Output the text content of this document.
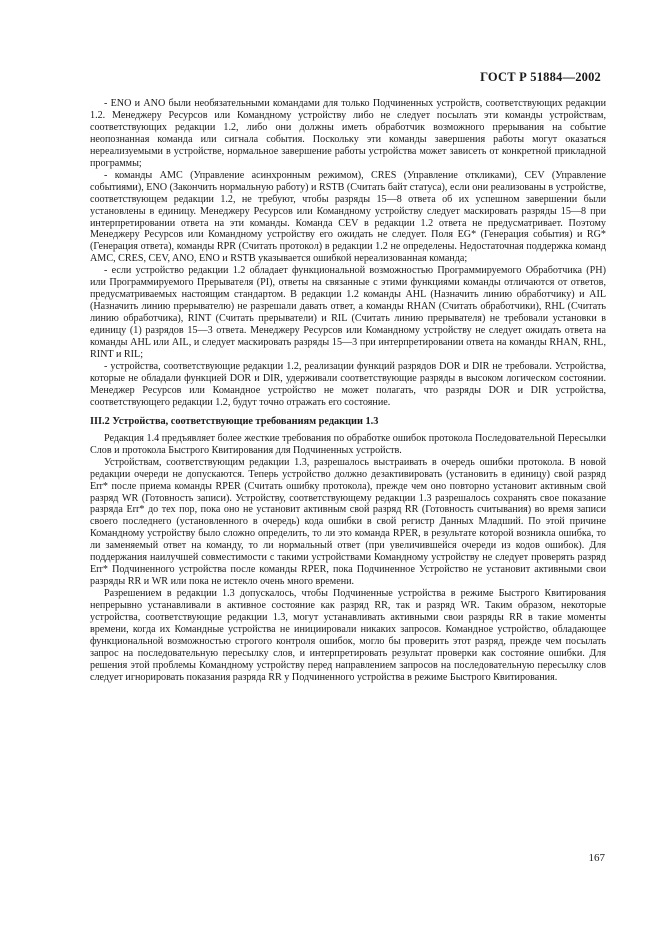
ГОСТ Р 51884—2002

- ENO и ANO были необязательными командами для только Подчиненных устройств, соответствующих редакции 1.2. Менеджеру Ресурсов или Командному устройству либо не следует посылать эти команды устройствам, соответствующих редакции 1.2, либо они должны иметь обработчик возможного прерывания на событие неопознанная команда или сигнала события. Поскольку эти команды завершения работы могут оказаться нереализуемыми в устройстве, нормальное завершение работы устройства может зависеть от конкретной прикладной программы;

- команды АМС (Управление асинхронным режимом), CRES (Управление откликами), CEV (Управление событиями), ENO (Закончить нормальную работу) и RSTB (Считать байт статуса), если они реализованы в устройстве, соответствующем редакции 1.2, не требуют, чтобы разряды 15—8 ответа об их успешном завершении были установлены в единицу. Менеджеру Ресурсов или Командному устройству следует маскировать разряды 15—8 при интерпретировании ответа на эти команды. Команда CEV в редакции 1.2 ответа не предусматривает. Поэтому Менеджеру Ресурсов или Командному устройству его ожидать не следует. Поля EG* (Генерация события) и RG* (Генерация ответа), команды RPR (Считать протокол) в редакции 1.2 не определены. Недостаточная поддержка команд АМС, CRES, CEV, ANO, ENO и RSTB указывается ошибкой нереализованная команда;

- если устройство редакции 1.2 обладает функциональной возможностью Программируемого Обработчика (PH) или Программируемого Прерывателя (PI), ответы на связанные с этими функциями команды отличаются от ответов, предусматриваемых настоящим стандартом. В редакции 1.2 команды AHL (Назначить линию обработчику) и AIL (Назначить линию прерывателю) не разрешали давать ответ, а команды RHAN (Считать обработчики), RHL (Считать линию обработчика), RINT (Считать прерыватели) и RIL (Считать линию прерывателя) не требовали установки в единицу (1) разрядов 15—3 ответа. Менеджеру Ресурсов или Командному устройству не следует ожидать ответа на команды AHL или AIL, и следует маскировать разряды 15—3 при интерпретировании ответа на команды RHAN, RHL, RINT и RIL;

- устройства, соответствующие редакции 1.2, реализации функций разрядов DOR и DIR не требовали. Устройства, которые не обладали функцией DOR и DIR, удерживали соответствующие разряды в высоком логическом состоянии. Менеджер Ресурсов или Командное устройство не может полагать, что разряды DOR и DIR устройства, соответствующего редакции 1.2, будут точно отражать его состояние.

III.2 Устройства, соответствующие требованиям редакции 1.3

Редакция 1.4 предъявляет более жесткие требования по обработке ошибок протокола Последовательной Пересылки Слов и протокола Быстрого Квитирования для Подчиненных устройств.

Устройствам, соответствующим редакции 1.3, разрешалось выстраивать в очередь ошибки протокола. В новой редакции очереди не допускаются. Теперь устройство должно дезактивировать (установить в единицу) свой разряд Err* после приема команды RPER (Считать ошибку протокола), прежде чем оно повторно установит активным свой разряд WR (Готовность записи). Устройству, соответствующему редакции 1.3 разрешалось сохранять свое показание разряда Err* до тех пор, пока оно не установит активным свой разряд RR (Готовность считывания) во время записи своего последнего (установленного в очередь) кода ошибки в свой регистр Данных Младший. По этой причине Командному устройству было сложно определить, то ли это команда RPER, в результате которой возникла ошибка, то ли заменяемый ответ на команду, то ли нормальный ответ (при увеличившейся очереди из кодов ошибок). Для поддержания наилучшей совместимости с такими устройствами Командному устройству не следует проверять разряд Err* Подчиненного устройства после команды RPER, пока Подчиненное Устройство не установит активными свои разряды RR и WR или пока не истекло очень много времени.

Разрешением в редакции 1.3 допускалось, чтобы Подчиненные устройства в режиме Быстрого Квитирования непрерывно устанавливали в активное состояние как разряд RR, так и разряд WR. Таким образом, некоторые устройства, соответствующие редакции 1.3, могут устанавливать активными свои разряды RR в такие моменты времени, когда их Командные устройства не инициировали никаких запросов. Командное устройство, обладающее функциональной возможностью строгого контроля ошибок, могло бы проверить этот разряд, прежде чем посылать запрос на последовательную пересылку слов, и интерпретировать результат проверки как состояние ошибки. Для решения этой проблемы Командному устройству перед направлением запросов на последовательную пересылку слов следует игнорировать показания разряда RR у Подчиненного устройства в режиме Быстрого Квитирования.

167
